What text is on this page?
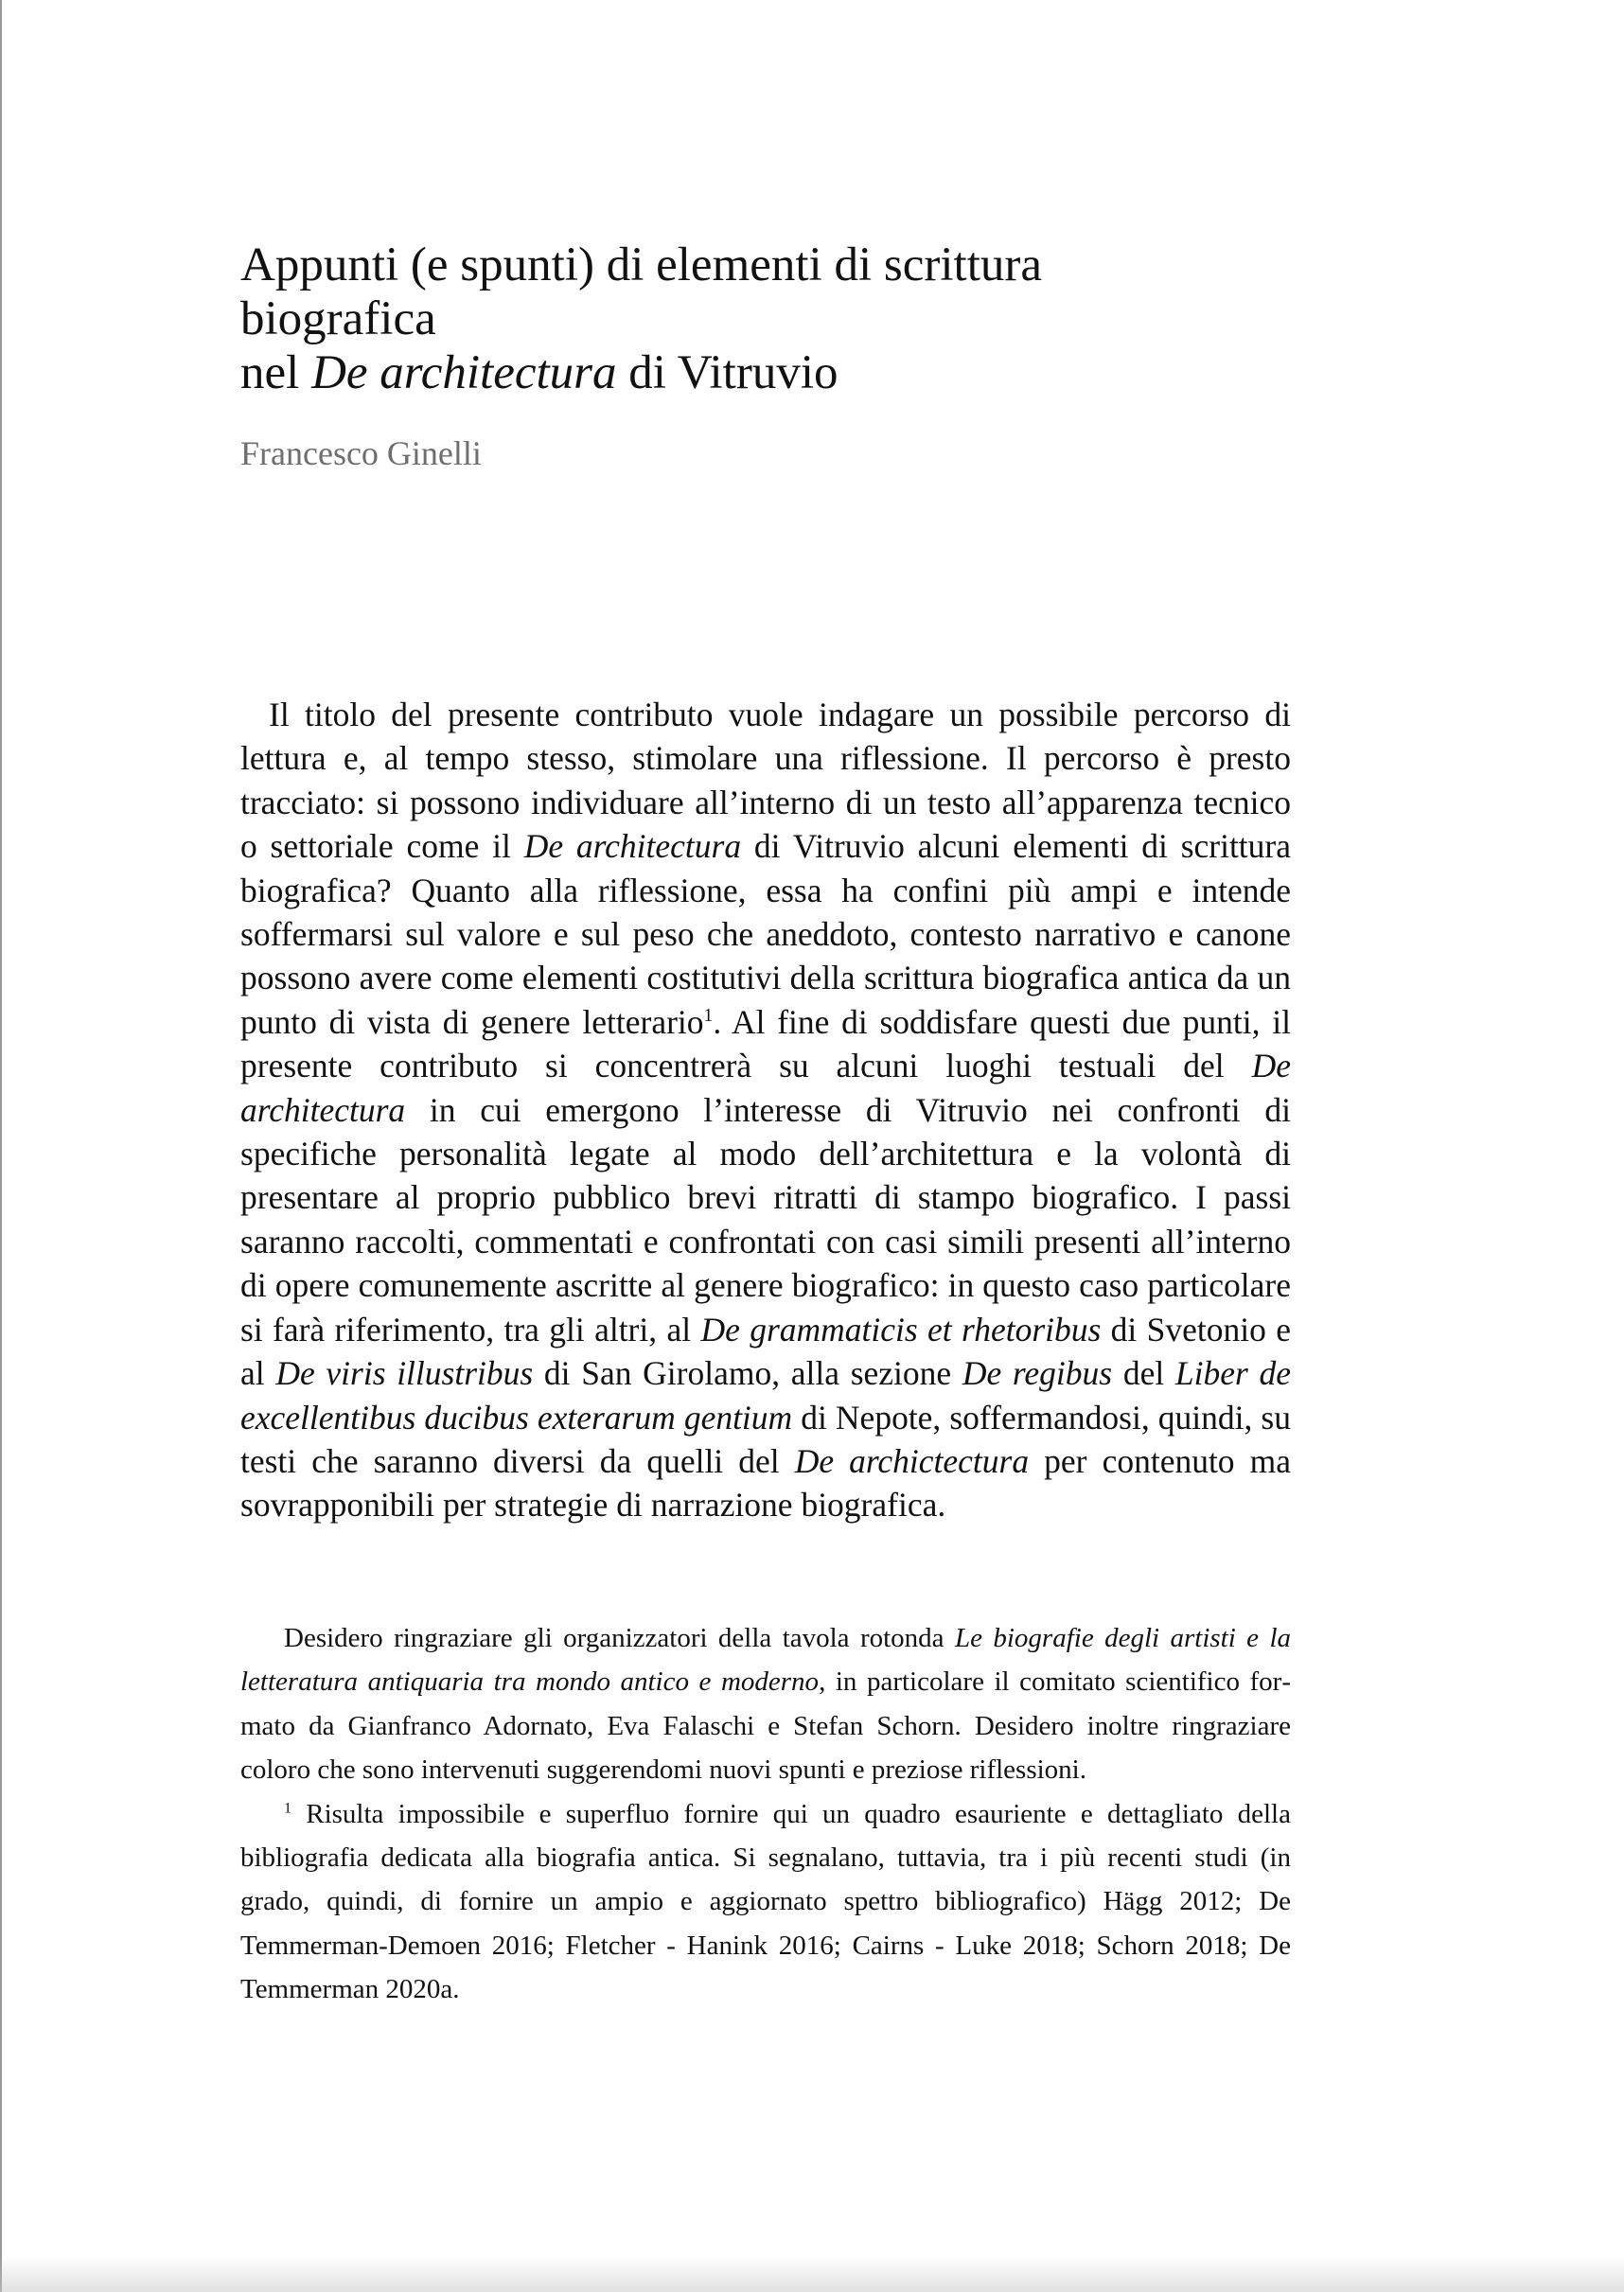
Appunti (e spunti) di elementi di scrittura
biografica
nel De architectura di Vitruvio

Francesco Ginelli

Il titolo del presente contributo vuole indagare un possibile percorso di lettura e, al tempo stesso, stimolare una riflessione. Il percorso è presto tracciato: si possono individuare all’interno di un testo all’apparenza tecnico o settoriale come il De architectura di Vitruvio alcuni elementi di scrittura biografica? Quanto alla riflessione, essa ha confini più ampi e intende soffermarsi sul valore e sul peso che aneddoto, contesto narrativo e canone possono avere come elementi costitutivi della scrittura biografica antica da un punto di vista di genere letterario$^1$. Al fine di soddisfare questi due punti, il presente contributo si concentrerà su alcuni luoghi testuali del De architectura in cui emergono l’interesse di Vitruvio nei confronti di specifiche personalità legate al modo dell’architettura e la volontà di presentare al proprio pubblico brevi ritratti di stampo biografico. I passi saranno raccolti, commentati e confrontati con casi simili presenti all’interno di opere comunemente ascritte al genere biografico: in questo caso particolare si farà riferimento, tra gli altri, al De grammaticis et rhetoribus di Svetonio e al De viris illustribus di San Girolamo, alla sezione De regibus del Liber de excellentibus ducibus exterarum gentium di Nepote, soffermandosi, quindi, su testi che saranno diversi da quelli del De archictectura per contenuto ma sovrapponibili per strategie di narrazione biografica.

Desidero ringraziare gli organizzatori della tavola rotonda Le biografie degli artisti e la letteratura antiquaria tra mondo antico e moderno, in particolare il comitato scientifico formato da Gianfranco Adornato, Eva Falaschi e Stefan Schorn. Desidero inoltre ringraziare coloro che sono intervenuti suggerendomi nuovi spunti e preziose riflessioni.

$^1$ Risulta impossibile e superfluo fornire qui un quadro esauriente e dettagliato della bibliografia dedicata alla biografia antica. Si segnalano, tuttavia, tra i più recenti studi (in grado, quindi, di fornire un ampio e aggiornato spettro bibliografico) Hägg 2012; De Temmerman-Demoen 2016; Fletcher - Hanink 2016; Cairns - Luke 2018; Schorn 2018; De Temmerman 2020a.
